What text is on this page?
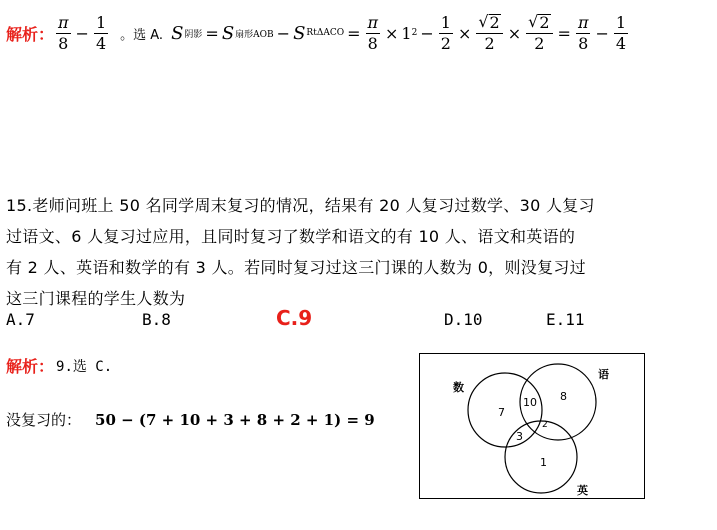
解析： $\frac{\pi}{8} - \frac{1}{4}$ 。选 A. S 阴影 = S 扇形AOB − S $Rt\Delta ACO = \frac{\pi}{8} \times 1$ $2 - \frac{1}{2} \times \frac{√ 2}{2} \times \frac{√ 2}{2} = \frac{\pi}{8} - \frac{1}{4}$
15.老师问班上 50 名同学周末复习的情况，结果有 20 人复习过数学、30 人复习
过语文、6 人复习过应用，且同时复习了数学和语文的有 10 人、语文和英语的
有 2 人、英语和数学的有 3 人。若同时复习过这三门课的人数为 0，则没复习过
这三门课程的学生人数为
A.7	B.8	C.9	D.10	E.11
解析： 9.选 C.
没复习的： 50 − (7 + 10 + 3 + 8 + 2 + 1) = 9
数
语
英
7
10 8
3
2
1
